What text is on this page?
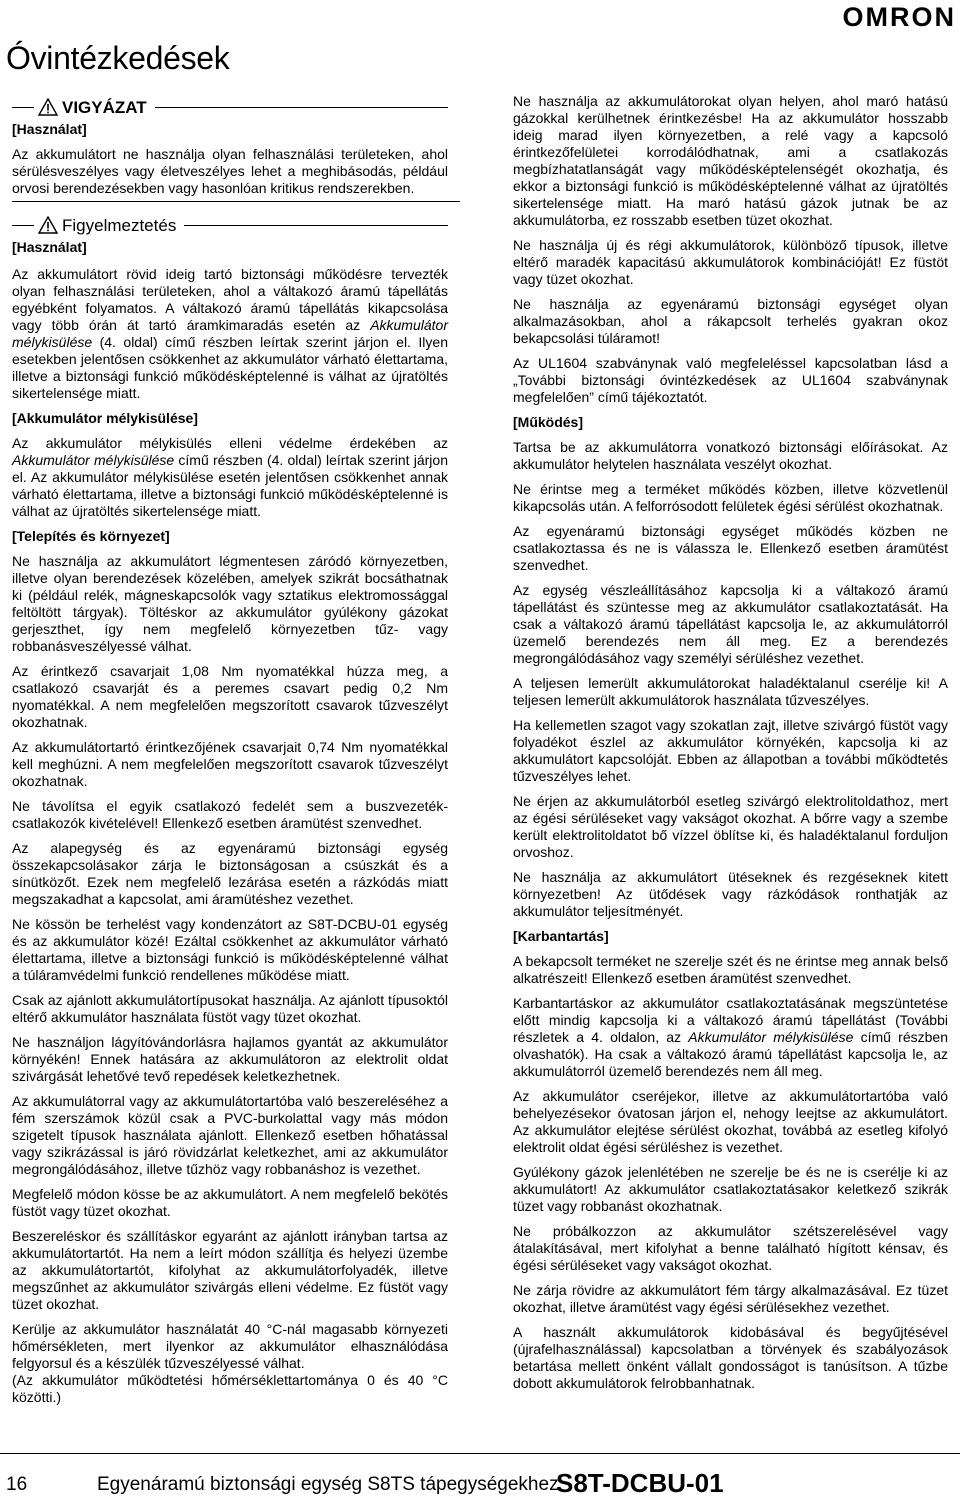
OMRON
Óvintézkedések
VIGYÁZAT

[Használat]

Az akkumulátort ne használja olyan felhasználási területeken, ahol sérülésveszélyes vagy életveszélyes lehet a meghibásodás, például orvosi berendezésekben vagy hasonlóan kritikus rendszerekben.

Figyelmeztetés

[Használat]

Az akkumulátort rövid ideig tartó biztonsági működésre tervezték olyan felhasználási területeken, ahol a váltakozó áramú tápellátás egyébként folyamatos. A váltakozó áramú tápellátás kikapcsolása vagy több órán át tartó áramkimaradás esetén az Akkumulátor mélykisülése (4. oldal) című részben leírtak szerint járjon el. Ilyen esetekben jelentősen csökkenhet az akkumulátor várható élettartama, illetve a biztonsági funkció működésképtelenné is válhat az újratöltés sikertelensége miatt.

[Akkumulátor mélykisülése]

Az akkumulátor mélykisülés elleni védelme érdekében az Akkumulátor mélykisülése című részben (4. oldal) leírtak szerint járjon el. Az akkumulátor mélykisülése esetén jelentősen csökkenhet annak várható élettartama, illetve a biztonsági funkció működésképtelenné is válhat az újratöltés sikertelensége miatt.

[Telepítés és környezet]

Ne használja az akkumulátort légmentesen záródó környezetben, illetve olyan berendezések közelében, amelyek szikrát bocsáthatnak ki (például relék, mágneskapcsolók vagy sztatikus elektromossággal feltöltött tárgyak). Töltéskor az akkumulátor gyúlékony gázokat gerjeszthet, így nem megfelelő környezetben tűz- vagy robbanásveszélyessé válhat.

Az érintkező csavarjait 1,08 Nm nyomatékkal húzza meg, a csatlakozó csavarját és a peremes csavart pedig 0,2 Nm nyomatékkal. A nem megfelelően megszorított csavarok tűzveszélyt okozhatnak.

Az akkumulátortartó érintkezőjének csavarjait 0,74 Nm nyomatékkal kell meghúzni. A nem megfelelően megszorított csavarok tűzveszélyt okozhatnak.

Ne távolítsa el egyik csatlakozó fedelét sem a buszvezeték-csatlakozók kivételével! Ellenkező esetben áramütést szenvedhet.

Az alapegység és az egyenáramú biztonsági egység összekapcsolásakor zárja le biztonságosan a csúszkát és a sínütközőt. Ezek nem megfelelő lezárása esetén a rázkódás miatt megszakadhat a kapcsolat, ami áramütéshez vezethet.

Ne kössön be terhelést vagy kondenzátort az S8T-DCBU-01 egység és az akkumulátor közé! Ezáltal csökkenhet az akkumulátor várható élettartama, illetve a biztonsági funkció is működésképtelenné válhat a túláramvédelmi funkció rendellenes működése miatt.

Csak az ajánlott akkumulátortípusokat használja. Az ajánlott típusoktól eltérő akkumulátor használata füstöt vagy tüzet okozhat.

Ne használjon lágyítóvándorlásra hajlamos gyantát az akkumulátor környékén! Ennek hatására az akkumulátoron az elektrolit oldat szivárgását lehetővé tevő repedések keletkezhetnek.

Az akkumulátorral vagy az akkumulátortartóba való beszereléséhez a fém szerszámok közül csak a PVC-burkolattal vagy más módon szigetelt típusok használata ajánlott. Ellenkező esetben hőhatással vagy szikrázással is járó rövidzárlat keletkezhet, ami az akkumulátor megrongálódásához, illetve tűzhöz vagy robbanáshoz is vezethet.

Megfelelő módon kösse be az akkumulátort. A nem megfelelő bekötés füstöt vagy tüzet okozhat.

Beszereléskor és szállításkor egyaránt az ajánlott irányban tartsa az akkumulátortartót. Ha nem a leírt módon szállítja és helyezi üzembe az akkumulátortartót, kifolyhat az akkumulátorfolyadék, illetve megszűnhet az akkumulátor szivárgás elleni védelme. Ez füstöt vagy tüzet okozhat.

Kerülje az akkumulátor használatát 40 °C-nál magasabb környezeti hőmérsékleten, mert ilyenkor az akkumulátor elhasználódása felgyorsul és a készülék tűzveszélyessé válhat.
(Az akkumulátor működtetési hőmérséklettartománya 0 és 40 °C közötti.)

Ne használja az akkumulátorokat olyan helyen, ahol maró hatású gázokkal kerülhetnek érintkezésbe! Ha az akkumulátor hosszabb ideig marad ilyen környezetben, a relé vagy a kapcsoló érintkezőfelületei korrodálódhatnak, ami a csatlakozás megbízhatatlanságát vagy működésképtelenségét okozhatja, és ekkor a biztonsági funkció is működésképtelenné válhat az újratöltés sikertelensége miatt. Ha maró hatású gázok jutnak be az akkumulátorba, ez rosszabb esetben tüzet okozhat.

Ne használja új és régi akkumulátorok, különböző típusok, illetve eltérő maradék kapacitású akkumulátorok kombinációját! Ez füstöt vagy tüzet okozhat.

Ne használja az egyenáramú biztonsági egységet olyan alkalmazásokban, ahol a rákapcsolt terhelés gyakran okoz bekapcsolási túláramot!

Az UL1604 szabványnak való megfeleléssel kapcsolatban lásd a „További biztonsági óvintézkedések az UL1604 szabványnak megfelelően” című tájékoztatót.

[Működés]

Tartsa be az akkumulátorra vonatkozó biztonsági előírásokat. Az akkumulátor helytelen használata veszélyt okozhat.

Ne érintse meg a terméket működés közben, illetve közvetlenül kikapcsolás után. A felforrósodott felületek égési sérülést okozhatnak.

Az egyenáramú biztonsági egységet működés közben ne csatlakoztassa és ne is válassza le. Ellenkező esetben áramütést szenvedhet.

Az egység vészleállításához kapcsolja ki a váltakozó áramú tápellátást és szüntesse meg az akkumulátor csatlakoztatását. Ha csak a váltakozó áramú tápellátást kapcsolja le, az akkumulátorról üzemelő berendezés nem áll meg. Ez a berendezés megrongálódásához vagy személyi sérüléshez vezethet.

A teljesen lemerült akkumulátorokat haladéktalanul cserélje ki! A teljesen lemerült akkumulátorok használata tűzveszélyes.

Ha kellemetlen szagot vagy szokatlan zajt, illetve szivárgó füstöt vagy folyadékot észlel az akkumulátor környékén, kapcsolja ki az akkumulátort kapcsolóját. Ebben az állapotban a további működtetés tűzveszélyes lehet.

Ne érjen az akkumulátorból esetleg szivárgó elektrolitoldathoz, mert az égési sérüléseket vagy vakságot okozhat. A bőrre vagy a szembe került elektrolitoldatot bő vízzel öblítse ki, és haladéktalanul forduljon orvoshoz.

Ne használja az akkumulátort ütéseknek és rezgéseknek kitett környezetben! Az ütődések vagy rázkódások ronthatják az akkumulátor teljesítményét.

[Karbantartás]

A bekapcsolt terméket ne szerelje szét és ne érintse meg annak belső alkatrészeit! Ellenkező esetben áramütést szenvedhet.

Karbantartáskor az akkumulátor csatlakoztatásának megszüntetése előtt mindig kapcsolja ki a váltakozó áramú tápellátást (További részletek a 4. oldalon, az Akkumulátor mélykisülése című részben olvashatók). Ha csak a váltakozó áramú tápellátást kapcsolja le, az akkumulátorról üzemelő berendezés nem áll meg.

Az akkumulátor cseréjekor, illetve az akkumulátortartóba való behelyezésekor óvatosan járjon el, nehogy leejtse az akkumulátort. Az akkumulátor elejtése sérülést okozhat, továbbá az esetleg kifolyó elektrolit oldat égési sérüléshez is vezethet.

Gyúlékony gázok jelenlétében ne szerelje be és ne is cserélje ki az akkumulátort! Az akkumulátor csatlakoztatásakor keletkező szikrák tüzet vagy robbanást okozhatnak.

Ne próbálkozzon az akkumulátor szétszerelésével vagy átalakításával, mert kifolyhat a benne található hígított kénsav, és égési sérüléseket vagy vakságot okozhat.

Ne zárja rövidre az akkumulátort fém tárgy alkalmazásával. Ez tüzet okozhat, illetve áramütést vagy égési sérülésekhez vezethet.

A használt akkumulátorok kidobásával és begyűjtésével (újrafelhasználással) kapcsolatban a törvények és szabályozások betartása mellett önként vállalt gondosságot is tanúsítson. A tűzbe dobott akkumulátorok felrobbanhatnak.

16	Egyenáramú biztonsági egység S8TS tápegységekhez
S8T-DCBU-01
